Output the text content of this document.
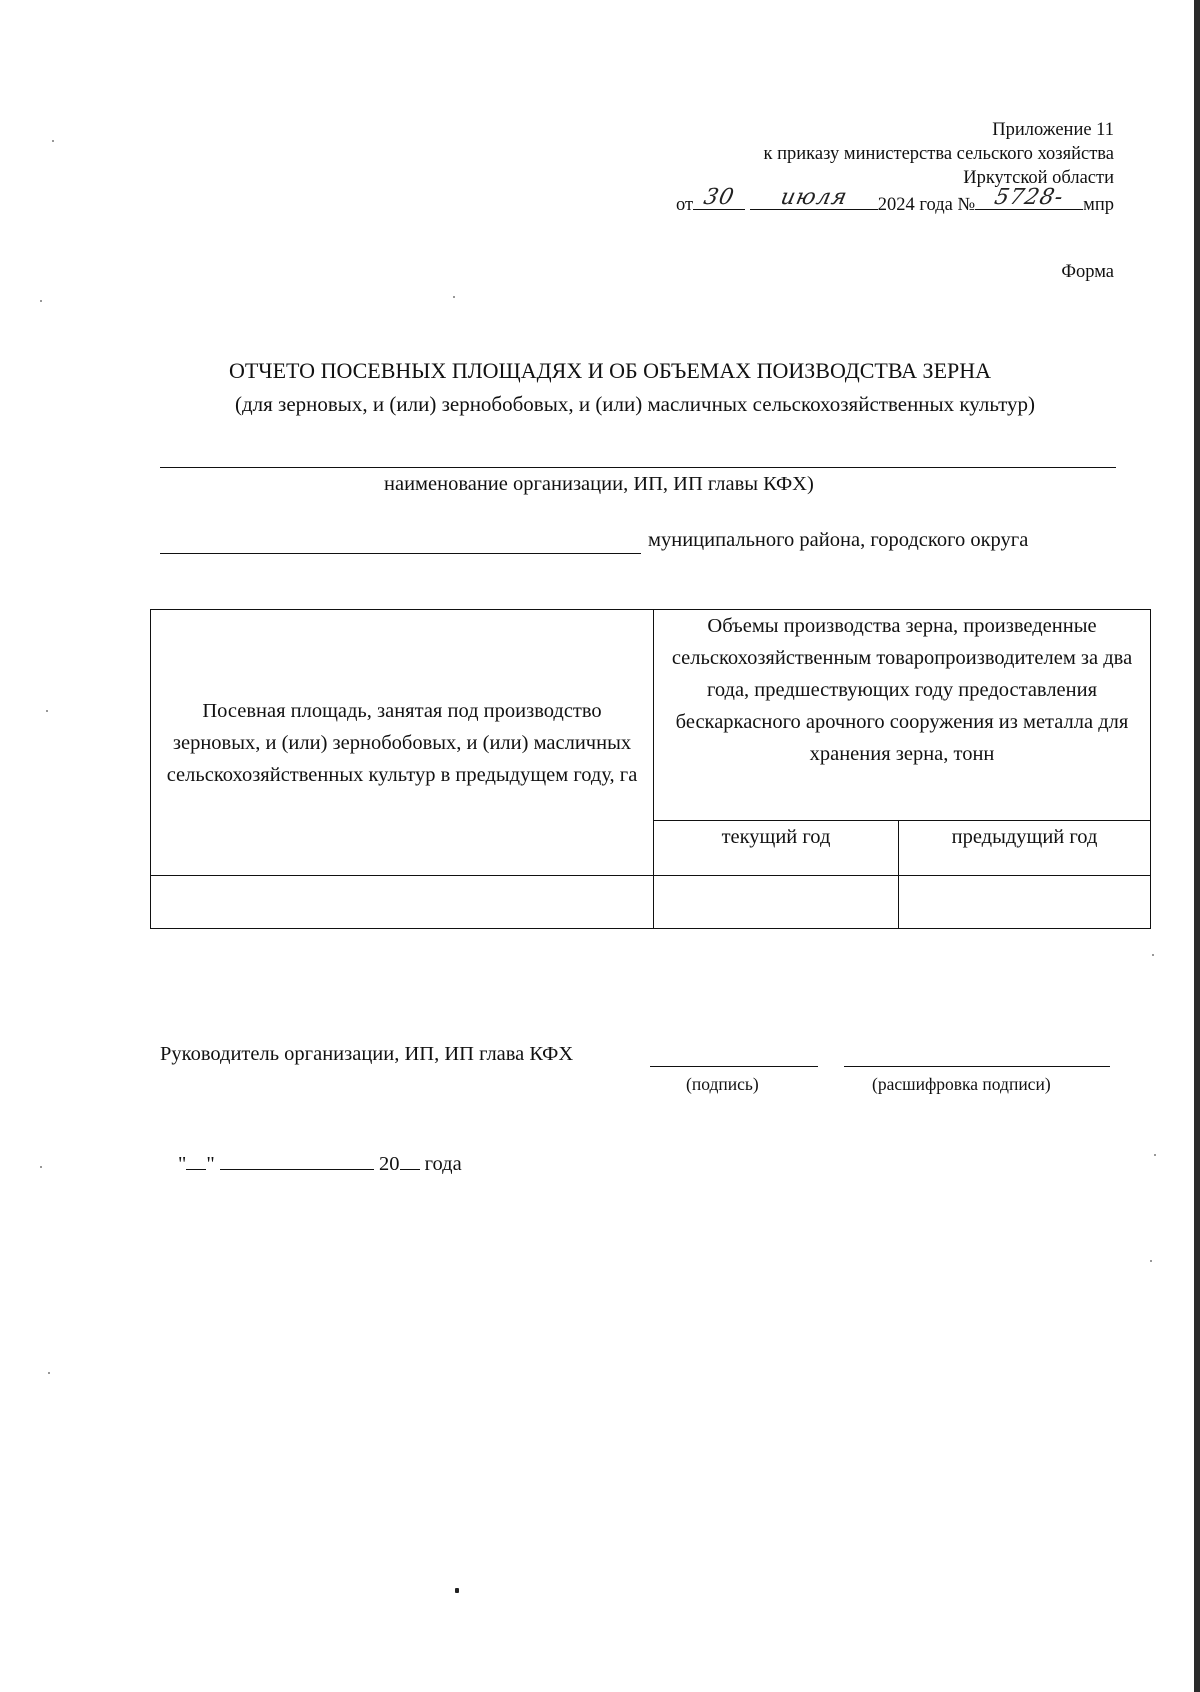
Приложение 11
к приказу министерства сельского хозяйства
Иркутской области
от 30
	июля	2024 года № 5728- мпр
Форма
ОТЧЕТО ПОСЕВНЫХ ПЛОЩАДЯХ И ОБ ОБЪЕМАХ ПОИЗВОДСТВА ЗЕРНА
(для зерновых, и (или) зернобобовых, и (или) масличных сельскохозяйственных культур)
наименование организации, ИП, ИП главы КФХ)
муниципального района, городского округа
Посевная площадь, занятая под производство зерновых, и (или) зернобобовых, и (или) масличных сельскохозяйственных культур в предыдущем году, га	Объемы производства зерна, произведенные сельскохозяйственным товаропроизводителем за два года, предшествующих году предоставления бескаркасного арочного сооружения из металла для хранения зерна, тонн	
	текущий год	предыдущий год

Руководитель организации, ИП, ИП глава КФХ
(подпись)	(расшифровка подписи)
" "	20 года
